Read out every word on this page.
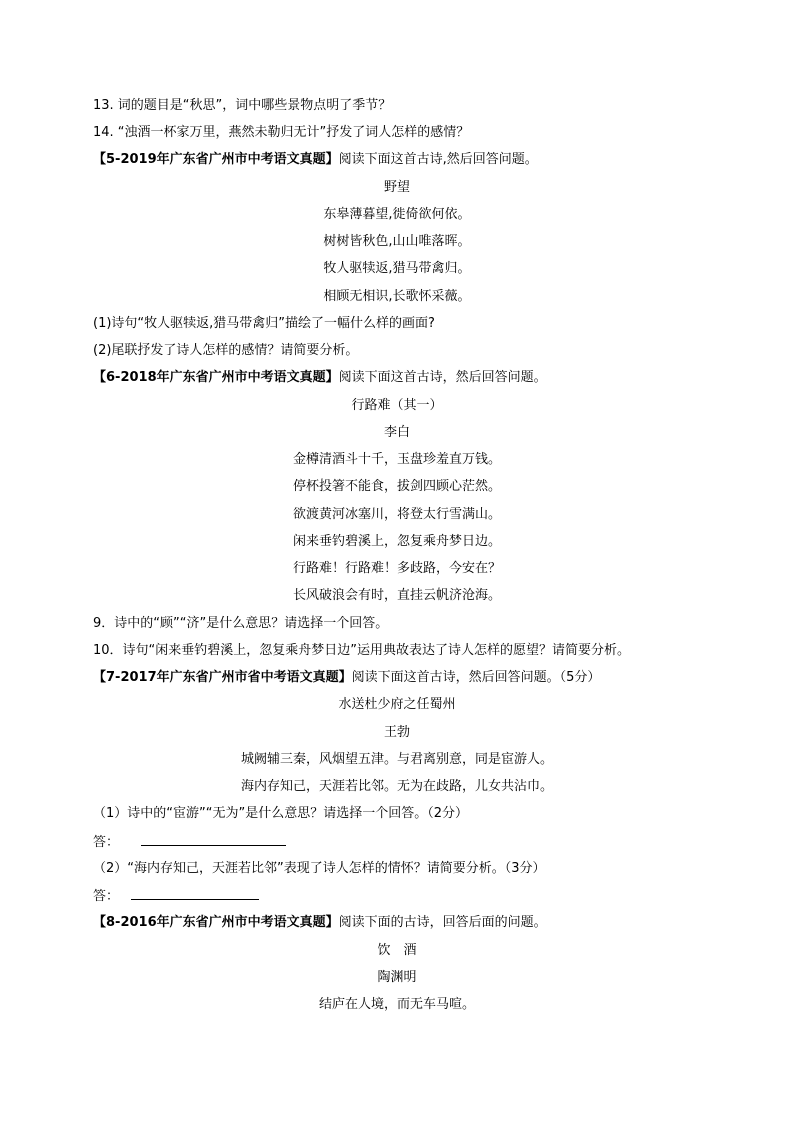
13. 词的题目是“秋思”，词中哪些景物点明了季节？
14. “浊酒一杯家万里，燕然未勒归无计”抒发了词人怎样的感情？
【5-2019年广东省广州市中考语文真题】阅读下面这首古诗,然后回答问题。
野望
东皋薄暮望,徙倚欲何依。
树树皆秋色,山山唯落晖。
牧人驱犊返,猎马带禽归。
相顾无相识,长歌怀采薇。
(1)诗句“牧人驱犊返,猎马带禽归”描绘了一幅什么样的画面?
(2)尾联抒发了诗人怎样的感情？请简要分析。
【6-2018年广东省广州市中考语文真题】阅读下面这首古诗，然后回答问题。
行路难（其一）
李白
金樽清酒斗十千，玉盘珍羞直万钱。
停杯投箸不能食，拔剑四顾心茫然。
欲渡黄河冰塞川，将登太行雪满山。
闲来垂钓碧溪上，忽复乘舟梦日边。
行路难！行路难！多歧路，今安在？
长风破浪会有时，直挂云帆济沧海。
9．诗中的“顾”“济”是什么意思？请选择一个回答。
10．诗句“闲来垂钓碧溪上，忽复乘舟梦日边”运用典故表达了诗人怎样的愿望？请简要分析。
【7-2017年广东省广州市省中考语文真题】阅读下面这首古诗，然后回答问题。（5分）
水送杜少府之任蜀州
王勃
城阙辅三秦，风烟望五津。与君离别意，同是宦游人。
海内存知己，天涯若比邻。无为在歧路，儿女共沾巾。
（1）诗中的“宦游”“无为”是什么意思？请选择一个回答。（2分）
答：
（2）“海内存知己，天涯若比邻”表现了诗人怎样的情怀？请简要分析。（3分）
答：
【8-2016年广东省广州市中考语文真题】阅读下面的古诗，回答后面的问题。
饮　酒
陶渊明
结庐在人境，而无车马喧。
